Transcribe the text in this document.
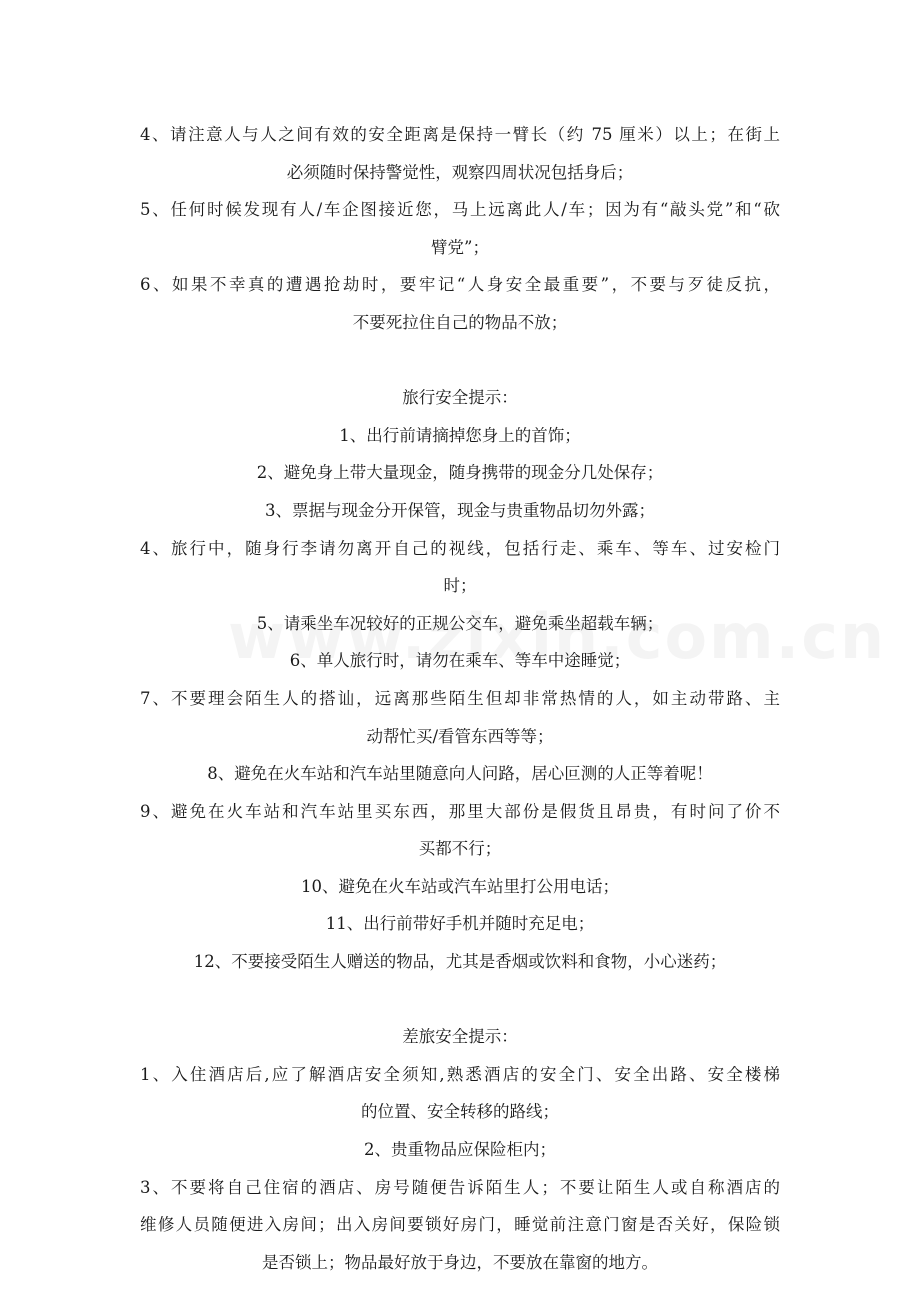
4、请注意人与人之间有效的安全距离是保持一臂长（约 75 厘米）以上；在街上
必须随时保持警觉性，观察四周状况包括身后；
5、任何时候发现有人/车企图接近您，马上远离此人/车；因为有“敲头党”和“砍
臂党”；
6、如果不幸真的遭遇抢劫时，要牢记“人身安全最重要”，不要与歹徒反抗，
不要死拉住自己的物品不放；
旅行安全提示：
1、出行前请摘掉您身上的首饰；
2、避免身上带大量现金，随身携带的现金分几处保存；
3、票据与现金分开保管，现金与贵重物品切勿外露；
4、旅行中，随身行李请勿离开自己的视线，包括行走、乘车、等车、过安检门
时；
5、请乘坐车况较好的正规公交车，避免乘坐超载车辆；
6、单人旅行时，请勿在乘车、等车中途睡觉；
7、不要理会陌生人的搭讪，远离那些陌生但却非常热情的人，如主动带路、主
动帮忙买/看管东西等等；
8、避免在火车站和汽车站里随意向人问路，居心叵测的人正等着呢！
9、避免在火车站和汽车站里买东西，那里大部份是假货且昂贵，有时问了价不
买都不行；
10、避免在火车站或汽车站里打公用电话；
11、出行前带好手机并随时充足电；
12、不要接受陌生人赠送的物品，尤其是香烟或饮料和食物，小心迷药；
差旅安全提示：
1、入住酒店后,应了解酒店安全须知,熟悉酒店的安全门、安全出路、安全楼梯
的位置、安全转移的路线；
2、贵重物品应保险柜内；
3、不要将自己住宿的酒店、房号随便告诉陌生人；不要让陌生人或自称酒店的
维修人员随便进入房间；出入房间要锁好房门，睡觉前注意门窗是否关好，保险锁
是否锁上；物品最好放于身边，不要放在靠窗的地方。
